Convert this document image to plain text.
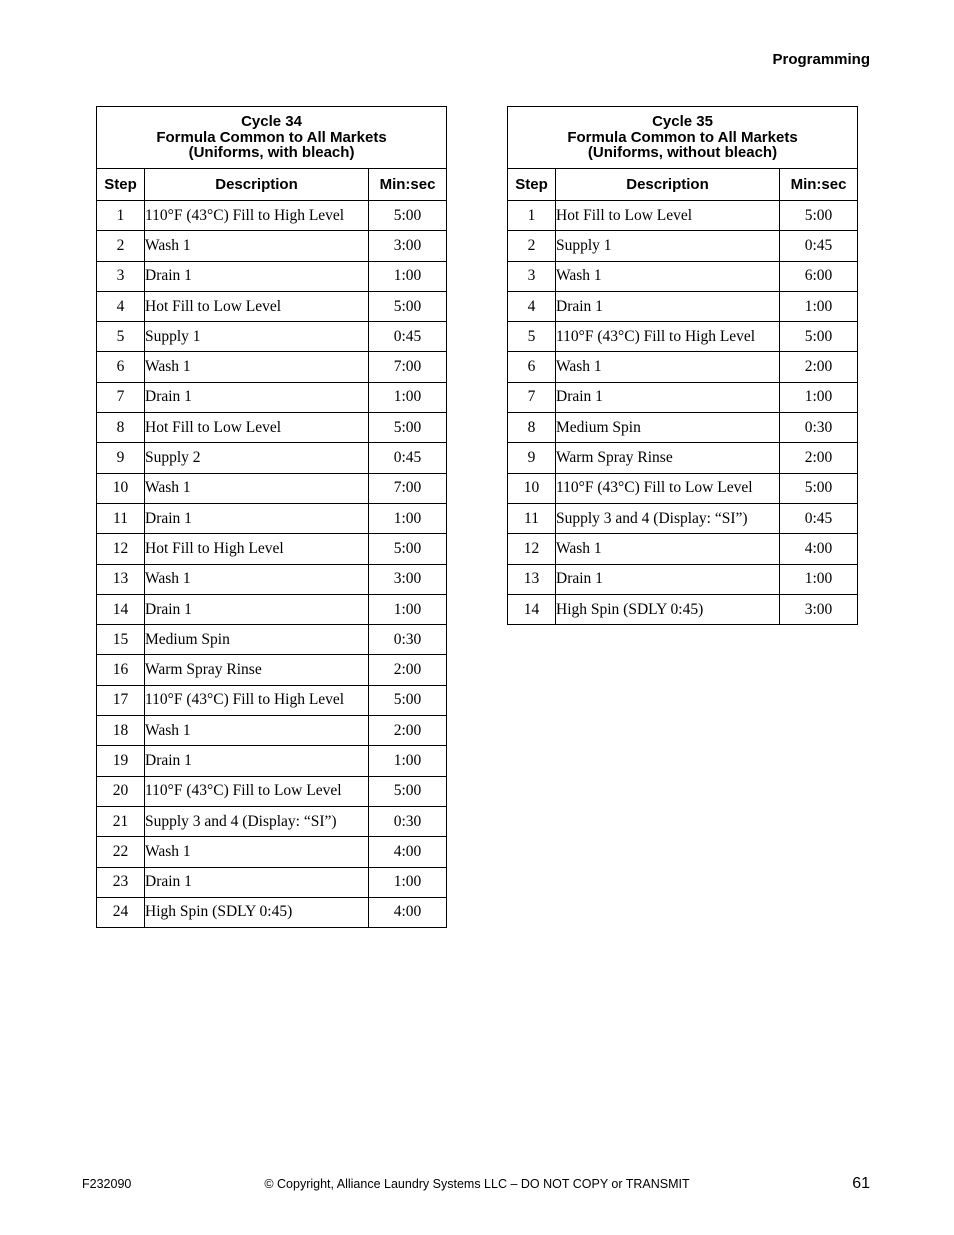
Programming
Cycle 34
Formula Common to All Markets
(Uniforms, with bleach)		

Step	Description	Min:sec
1	110°F (43°C) Fill to High Level	5:00
2	Wash 1	3:00
3	Drain 1	1:00
4	Hot Fill to Low Level	5:00
5	Supply 1	0:45
6	Wash 1	7:00
7	Drain 1	1:00
8	Hot Fill to Low Level	5:00
9	Supply 2	0:45
10	Wash 1	7:00
11	Drain 1	1:00
12	Hot Fill to High Level	5:00
13	Wash 1	3:00
14	Drain 1	1:00
15	Medium Spin	0:30
16	Warm Spray Rinse	2:00
17	110°F (43°C) Fill to High Level	5:00
18	Wash 1	2:00
19	Drain 1	1:00
20	110°F (43°C) Fill to Low Level	5:00
21	Supply 3 and 4 (Display: “SI”)	0:30
22	Wash 1	4:00
23	Drain 1	1:00
24	High Spin (SDLY 0:45)	4:00
Cycle 35
Formula Common to All Markets
(Uniforms, without bleach)		

Step	Description	Min:sec
1	Hot Fill to Low Level	5:00
2	Supply 1	0:45
3	Wash 1	6:00
4	Drain 1	1:00
5	110°F (43°C) Fill to High Level	5:00
6	Wash 1	2:00
7	Drain 1	1:00
8	Medium Spin	0:30
9	Warm Spray Rinse	2:00
10	110°F (43°C) Fill to Low Level	5:00
11	Supply 3 and 4 (Display: “SI”)	0:45
12	Wash 1	4:00
13	Drain 1	1:00
14	High Spin (SDLY 0:45)	3:00
F232090	© Copyright, Alliance Laundry Systems LLC – DO NOT COPY or TRANSMIT	61
